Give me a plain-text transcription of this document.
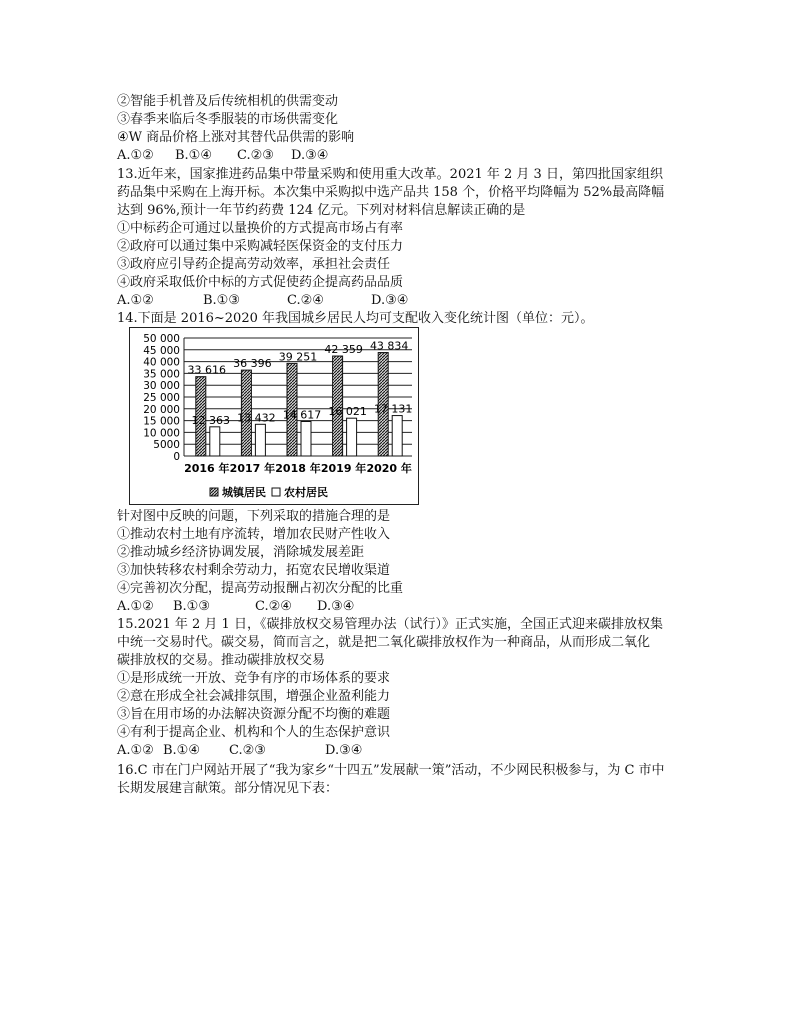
②智能手机普及后传统相机的供需变动
③春季来临后冬季服装的市场供需变化
④W 商品价格上涨对其替代品供需的影响
A.①② B.①④ C.②③ D.③④
13.近年来，国家推进药品集中带量采购和使用重大改革。2021 年 2 月 3 日，第四批国家组织
药品集中采购在上海开标。本次集中采购拟中选产品共 158 个，价格平均降幅为 52%最高降幅
达到 96%,预计一年节约药费 124 亿元。下列对材料信息解读正确的是
①中标药企可通过以量换价的方式提高市场占有率
②政府可以通过集中采购减轻医保资金的支付压力
③政府应引导药企提高劳动效率，承担社会责任
④政府采取低价中标的方式促使药企提高药品品质
A.①②	B.①③	C.②④	D.③④
14.下面是 2016~2020 年我国城乡居民人均可支配收入变化统计图（单位：元）。
0
5000
10 000
15 000
20 000
25 000
30 000
35 000
40 000
45 000
50 000
33 616
12 363
36 396
13 432
39 251
14 617
42 359
16 021
43 834
17 131
2016 年 2017 年 2018 年 2019 年 2020 年
城镇居民 农村居民
针对图中反映的问题，下列采取的措施合理的是
①推动农村土地有序流转，增加农民财产性收入
②推动城乡经济协调发展，消除城发展差距
③加快转移农村剩余劳动力，拓宽农民增收渠道
④完善初次分配，提高劳动报酬占初次分配的比重
A.①② B.①③	C.②④ D.③④
15.2021 年 2 月 1 日，《碳排放权交易管理办法（试行）》正式实施，全国正式迎来碳排放权集
中统一交易时代。碳交易，简而言之，就是把二氧化碳排放权作为一种商品，从而形成二氧化
碳排放权的交易。推动碳排放权交易
①是形成统一开放、竞争有序的市场体系的要求
②意在形成全社会减排氛围，增强企业盈利能力
③旨在用市场的办法解决资源分配不均衡的难题
④有利于提高企业、机构和个人的生态保护意识
A.①② B.①④ C.②③	D.③④
16.C 市在门户网站开展了“我为家乡“十四五”发展献一策”活动，不少网民积极参与，为 C 市中
长期发展建言献策。部分情况见下表：
